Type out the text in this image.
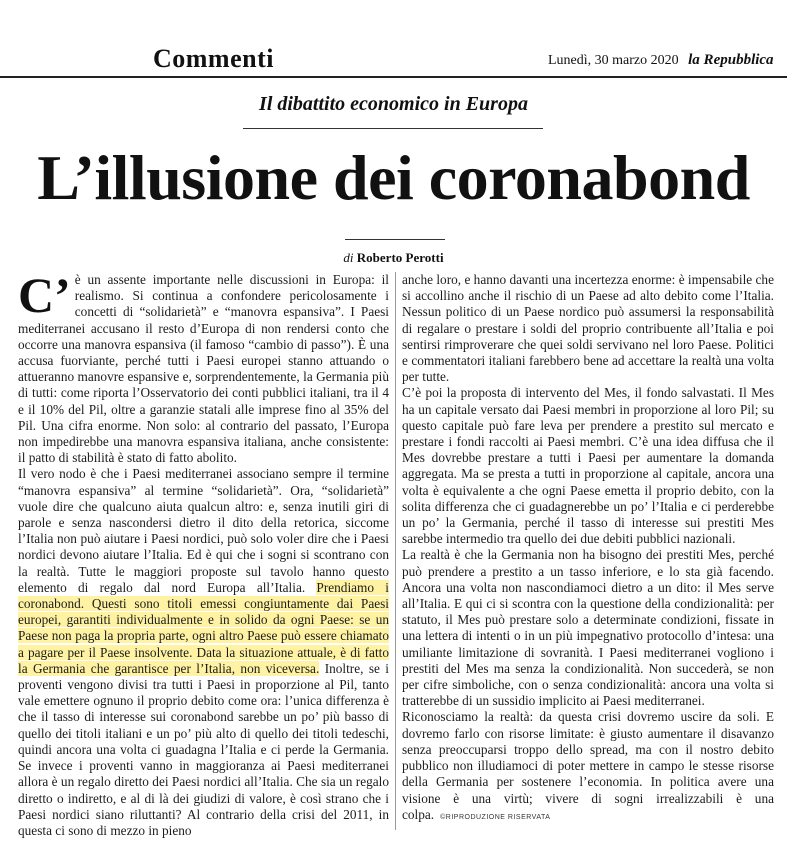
Commenti	Lunedì, 30 marzo 2020 la Repubblica
Il dibattito economico in Europa
L’illusione dei coronabond
di Roberto Perotti
C’ è un assente importante nelle discussioni in Europa: il realismo. Si continua a confondere pericolosamente i concetti di “solidarietà” e “manovra espansiva”. I Paesi mediterranei accusano il resto d’Europa di non rendersi conto che occorre una manovra espansiva (il famoso “cambio di passo”). È una accusa fuorviante, perché tutti i Paesi europei stanno attuando o attueranno manovre espansive e, sorprendentemente, la Germania più di tutti: come riporta l’Osservatorio dei conti pubblici italiani, tra il 4 e il 10% del Pil, oltre a garanzie statali alle imprese fino al 35% del Pil. Una cifra enorme. Non solo: al contrario del passato, l’Europa non impedirebbe una manovra espansiva italiana, anche consistente: il patto di stabilità è stato di fatto abolito.
Il vero nodo è che i Paesi mediterranei associano sempre il termine “manovra espansiva” al termine “solidarietà”. Ora, “solidarietà” vuole dire che qualcuno aiuta qualcun altro: e, senza inutili giri di parole e senza nascondersi dietro il dito della retorica, siccome l’Italia non può aiutare i Paesi nordici, può solo voler dire che i Paesi nordici devono aiutare l’Italia. Ed è qui che i sogni si scontrano con la realtà. Tutte le maggiori proposte sul tavolo hanno questo elemento di regalo dal nord Europa all’Italia. Prendiamo i coronabond. Questi sono titoli emessi congiuntamente dai Paesi europei, garantiti individualmente e in solido da ogni Paese: se un Paese non paga la propria parte, ogni altro Paese può essere chiamato a pagare per il Paese insolvente. Data la situazione attuale, è di fatto la Germania che garantisce per l’Italia, non viceversa. Inoltre, se i proventi vengono divisi tra tutti i Paesi in proporzione al Pil, tanto vale emettere ognuno il proprio debito come ora: l’unica differenza è che il tasso di interesse sui coronabond sarebbe un po’ più basso di quello dei titoli italiani e un po’ più alto di quello dei titoli tedeschi, quindi ancora una volta ci guadagna l’Italia e ci perde la Germania. Se invece i proventi vanno in maggioranza ai Paesi mediterranei allora è un regalo diretto dei Paesi nordici all’Italia. Che sia un regalo diretto o indiretto, e al di là dei giudizi di valore, è così strano che i Paesi nordici siano riluttanti? Al contrario della crisi del 2011, in questa ci sono di mezzo in pieno
anche loro, e hanno davanti una incertezza enorme: è impensabile che si accollino anche il rischio di un Paese ad alto debito come l’Italia. Nessun politico di un Paese nordico può assumersi la responsabilità di regalare o prestare i soldi del proprio contribuente all’Italia e poi sentirsi rimproverare che quei soldi servivano nel loro Paese. Politici e commentatori italiani farebbero bene ad accettare la realtà una volta per tutte.
C’è poi la proposta di intervento del Mes, il fondo salvastati. Il Mes ha un capitale versato dai Paesi membri in proporzione al loro Pil; su questo capitale può fare leva per prendere a prestito sul mercato e prestare i fondi raccolti ai Paesi membri. C’è una idea diffusa che il Mes dovrebbe prestare a tutti i Paesi per aumentare la domanda aggregata. Ma se presta a tutti in proporzione al capitale, ancora una volta è equivalente a che ogni Paese emetta il proprio debito, con la solita differenza che ci guadagnerebbe un po’ l’Italia e ci perderebbe un po’ la Germania, perché il tasso di interesse sui prestiti Mes sarebbe intermedio tra quello dei due debiti pubblici nazionali.
La realtà è che la Germania non ha bisogno dei prestiti Mes, perché può prendere a prestito a un tasso inferiore, e lo sta già facendo. Ancora una volta non nascondiamoci dietro a un dito: il Mes serve all’Italia. E qui ci si scontra con la questione della condizionalità: per statuto, il Mes può prestare solo a determinate condizioni, fissate in una lettera di intenti o in un più impegnativo protocollo d’intesa: una umiliante limitazione di sovranità. I Paesi mediterranei vogliono i prestiti del Mes ma senza la condizionalità. Non succederà, se non per cifre simboliche, con o senza condizionalità: ancora una volta si tratterebbe di un sussidio implicito ai Paesi mediterranei.
Riconosciamo la realtà: da questa crisi dovremo uscire da soli. E dovremo farlo con risorse limitate: è giusto aumentare il disavanzo senza preoccuparsi troppo dello spread, ma con il nostro debito pubblico non illudiamoci di poter mettere in campo le stesse risorse della Germania per sostenere l’economia. In politica avere una visione è una virtù; vivere di sogni irrealizzabili è una colpa. ©RIPRODUZIONE RISERVATA
